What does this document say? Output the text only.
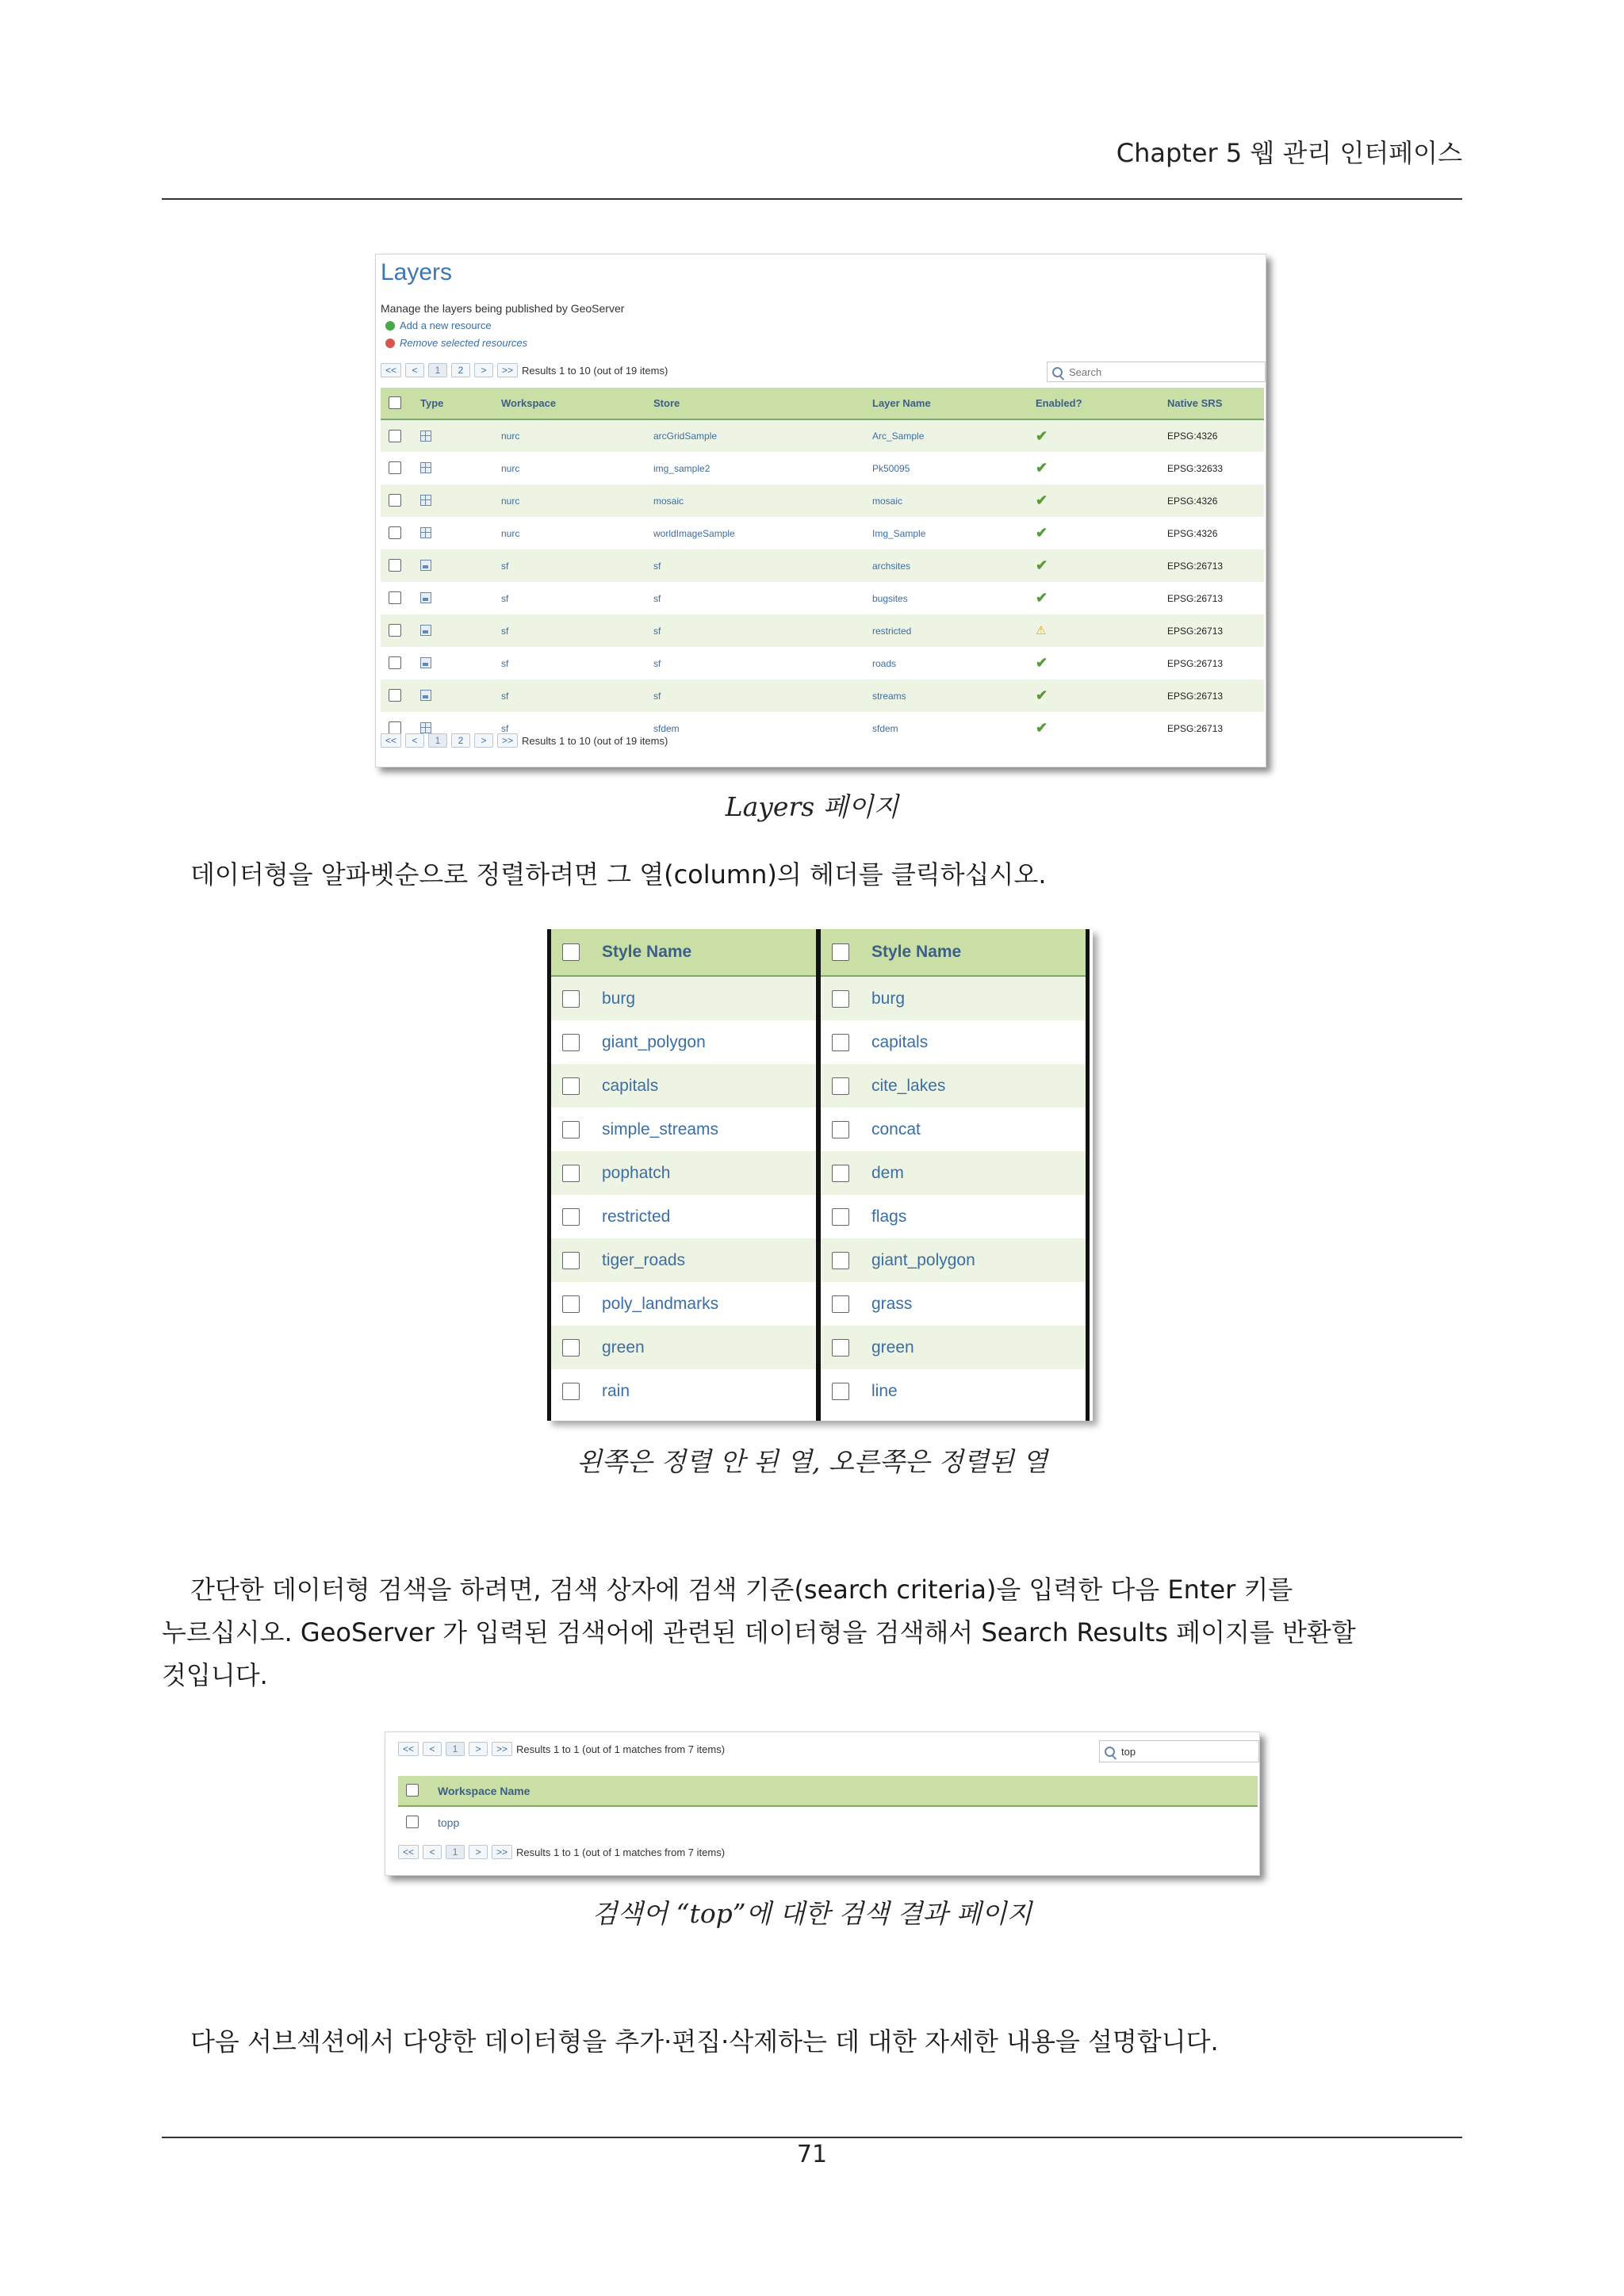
Chapter 5 웹 관리 인터페이스
Layers
Manage the layers being published by GeoServer
Add a new resource
Remove selected resources
<<	<	1	2	>	>> Results 1 to 10 (out of 19 items)
Search
	Type	Workspace	Store	Layer Name	Enabled?	Native SRS
		nurc	arcGridSample	Arc_Sample	✔	EPSG:4326
		nurc	img_sample2	Pk50095	✔	EPSG:32633
		nurc	mosaic	mosaic	✔	EPSG:4326
		nurc	worldImageSample	Img_Sample	✔	EPSG:4326
		sf	sf	archsites	✔	EPSG:26713
		sf	sf	bugsites	✔	EPSG:26713
		sf	sf	restricted	⚠	EPSG:26713
		sf	sf	roads	✔	EPSG:26713
		sf	sf	streams	✔	EPSG:26713
		sf	sfdem	sfdem	✔	EPSG:26713
<<	<	1	2	>	>> Results 1 to 10 (out of 19 items)
Layers 페이지
데이터형을 알파벳순으로 정렬하려면 그 열(column)의 헤더를 클릭하십시오.
	Style Name
	burg
	giant_polygon
	capitals
	simple_streams
	pophatch
	restricted
	tiger_roads
	poly_landmarks
	green
	rain
	Style Name
	burg
	capitals
	cite_lakes
	concat
	dem
	flags
	giant_polygon
	grass
	green
	line
왼쪽은 정렬 안 된 열, 오른쪽은 정렬된 열
간단한 데이터형 검색을 하려면, 검색 상자에 검색 기준(search criteria)을 입력한 다음 Enter 키를
누르십시오. GeoServer 가 입력된 검색어에 관련된 데이터형을 검색해서 Search Results 페이지를 반환할
것입니다.
<<	<	1	>	>> Results 1 to 1 (out of 1 matches from 7 items)
top
	Workspace Name
	topp
<<	<	1	>	>> Results 1 to 1 (out of 1 matches from 7 items)
검색어 “top”에 대한 검색 결과 페이지
다음 서브섹션에서 다양한 데이터형을 추가·편집·삭제하는 데 대한 자세한 내용을 설명합니다.
71
